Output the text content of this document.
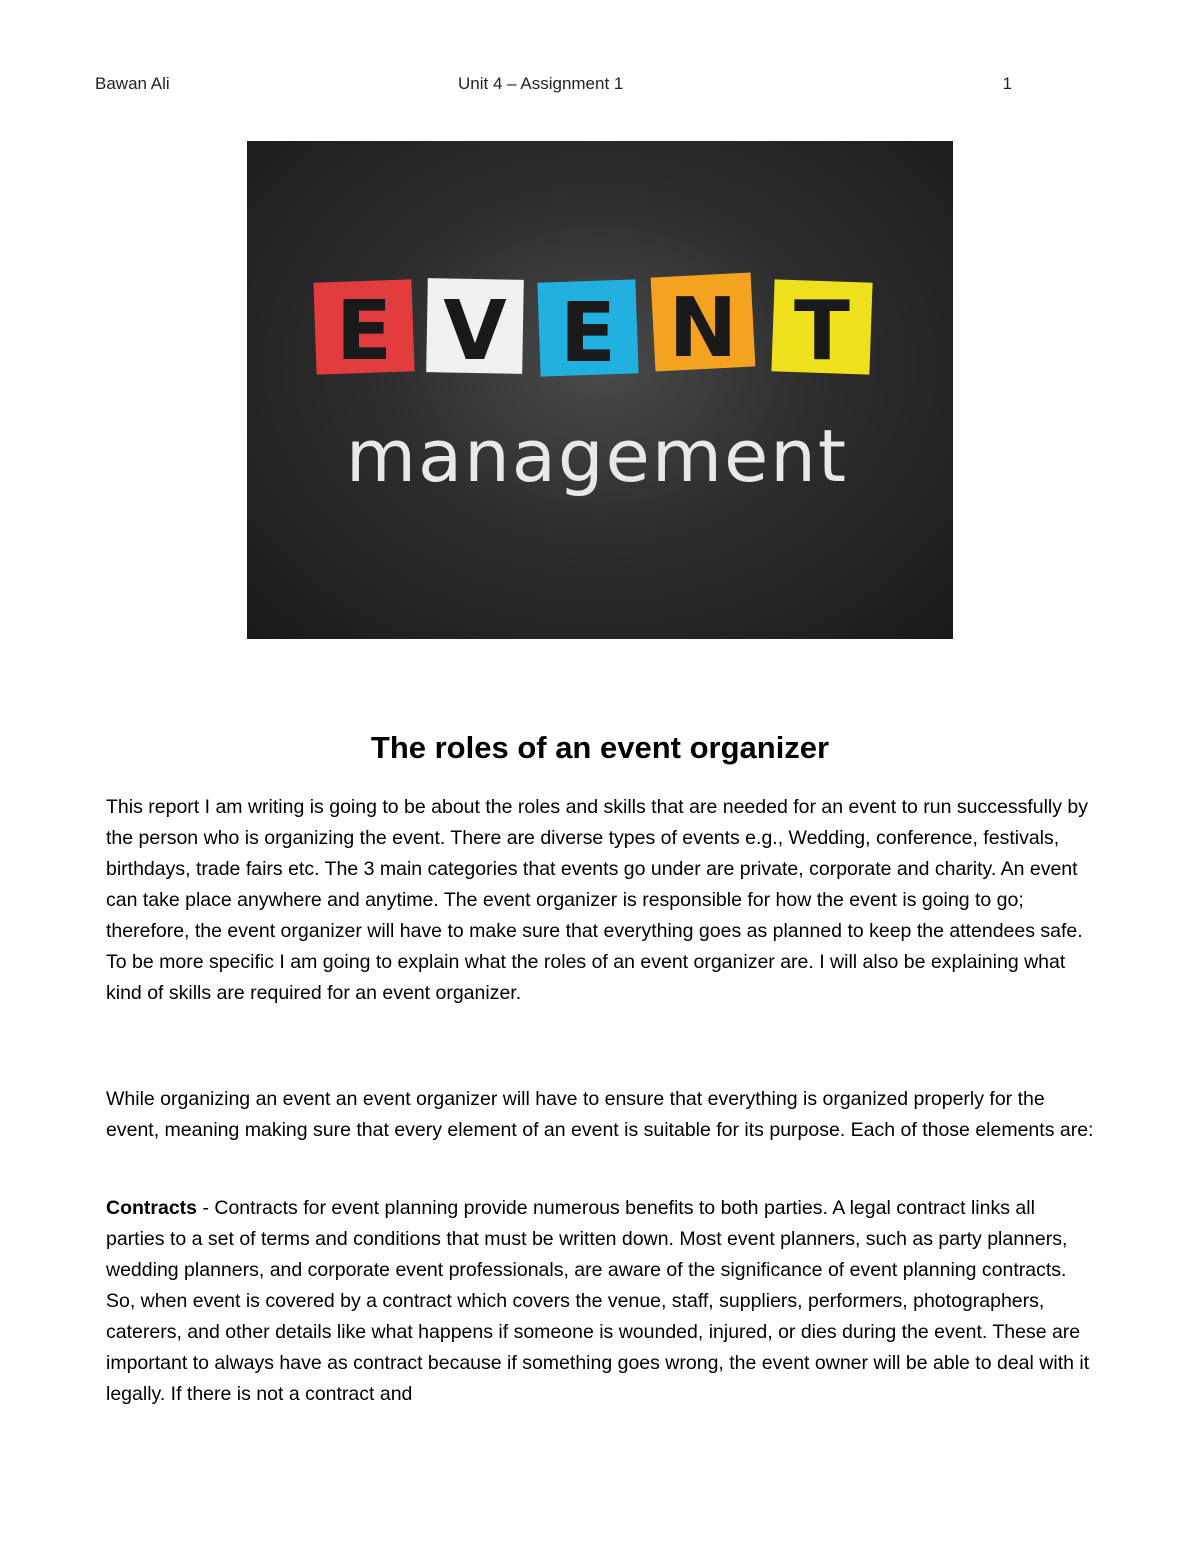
Bawan Ali	Unit 4 – Assignment 1	1
E V E N T
management
The roles of an event organizer

This report I am writing is going to be about the roles and skills that are needed for an event to run successfully by the person who is organizing the event. There are diverse types of events e.g., Wedding, conference, festivals, birthdays, trade fairs etc. The 3 main categories that events go under are private, corporate and charity. An event can take place anywhere and anytime. The event organizer is responsible for how the event is going to go; therefore, the event organizer will have to make sure that everything goes as planned to keep the attendees safe. To be more specific I am going to explain what the roles of an event organizer are. I will also be explaining what kind of skills are required for an event organizer.

While organizing an event an event organizer will have to ensure that everything is organized properly for the event, meaning making sure that every element of an event is suitable for its purpose. Each of those elements are:

Contracts - Contracts for event planning provide numerous benefits to both parties. A legal contract links all parties to a set of terms and conditions that must be written down. Most event planners, such as party planners, wedding planners, and corporate event professionals, are aware of the significance of event planning contracts. So, when event is covered by a contract which covers the venue, staff, suppliers, performers, photographers, caterers, and other details like what happens if someone is wounded, injured, or dies during the event. These are important to always have as contract because if something goes wrong, the event owner will be able to deal with it legally. If there is not a contract and
